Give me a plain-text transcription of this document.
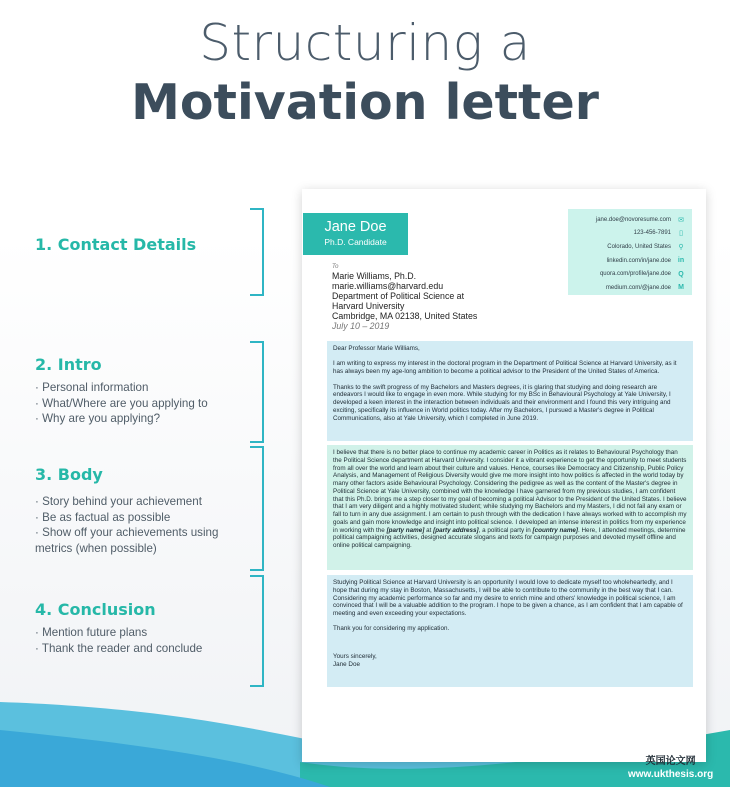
Structuring a
Motivation letter
1. Contact Details
2. Intro
· Personal information
· What/Where are you applying to
· Why are you applying?
3. Body
· Story behind your achievement
· Be as factual as possible
· Show off your achievements using metrics (when possible)
4. Conclusion
· Mention future plans
· Thank the reader and conclude
Jane Doe
Ph.D. Candidate
jane.doe@novoresume.com ✉
123-456-7891	▯
Colorado, United States	⚲
linkedin.com/in/jane.doe in
quora.com/profile/jane.doe	Q
medium.com/@jane.doe M
To
Marie Williams, Ph.D.
marie.williams@harvard.edu
Department of Political Science at
Harvard University
Cambridge, MA 02138, United States
July 10 – 2019

Dear Professor Marie Williams,

I am writing to express my interest in the doctoral program in the Department of Political Science at Harvard University, as it has always been my age-long ambition to become a political advisor to the President of the United States of America.

Thanks to the swift progress of my Bachelors and Masters degrees, it is glaring that studying and doing research are endeavors I would like to engage in even more. While studying for my BSc in Behavioural Psychology at Yale University, I developed a keen interest in the interaction between individuals and their environment and I found this very intriguing and exciting, specifically its influence in World politics today. After my Bachelors, I pursued a Master's degree in Political Communications, also at Yale University, which I completed in June 2019.

I believe that there is no better place to continue my academic career in Politics as it relates to Behavioural Psychology than the Political Science department at Harvard University. I consider it a vibrant experience to get the opportunity to meet students from all over the world and learn about their culture and values. Hence, courses like Democracy and Citizenship, Public Policy Analysis, and Management of Religious Diversity would give me more insight into how politics is affected in the world today by many other factors aside Behavioural Psychology. Considering the pedigree as well as the content of the Master's degree in Political Science at Yale University, combined with the knowledge I have garnered from my previous studies, I am confident that this Ph.D. brings me a step closer to my goal of becoming a political Advisor to the President of the United States. I believe that I am very diligent and a highly motivated student; while studying my Bachelors and my Masters, I did not fail any exam or fall to turn in any due assignment. I am certain to push through with the dedication I have always worked with to accomplish my goals and gain more knowledge and insight into political science. I developed an intense interest in politics from my experience in working with the [party name] at [party address], a political party in [country name]. Here, I attended meetings, determine political campaigning activities, designed accurate slogans and texts for campaign purposes and devoted myself offline and online political campaigning.

Studying Political Science at Harvard University is an opportunity I would love to dedicate myself too wholeheartedly, and I hope that during my stay in Boston, Massachusetts, I will be able to contribute to the community in the best way that I can. Considering my academic performance so far and my desire to enrich mine and others' knowledge in political science, I am convinced that I will be a valuable addition to the program. I hope to be given a chance, as I am confident that I am capable of meeting and even exceeding your expectations.

Thank you for considering my application.

Yours sincerely,
Jane Doe
英国论文网
www.ukthesis.org
